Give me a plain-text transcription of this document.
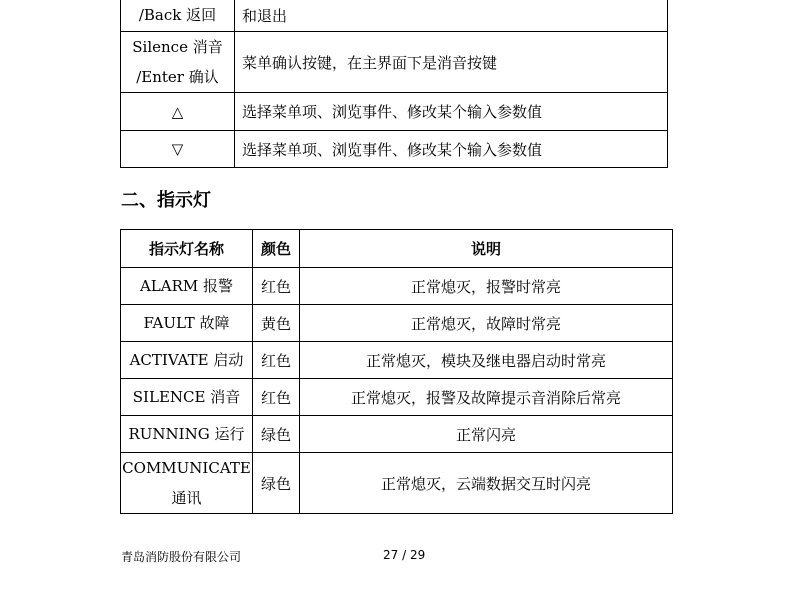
/Back 返回	和退出

Silence 消音
/Enter 确认	菜单确认按键，在主界面下是消音按键
△	选择菜单项、浏览事件、修改某个输入参数值
▽	选择菜单项、浏览事件、修改某个输入参数值
二、指示灯
指示灯名称	颜色	说明
ALARM 报警	红色	正常熄灭，报警时常亮
FAULT 故障	黄色	正常熄灭，故障时常亮
ACTIVATE 启动	红色	正常熄灭，模块及继电器启动时常亮
SILENCE 消音	红色	正常熄灭，报警及故障提示音消除后常亮
RUNNING 运行	绿色	正常闪亮

COMMUNICATE
通讯	绿色	正常熄灭，云端数据交互时闪亮
青岛消防股份有限公司	27 / 29
